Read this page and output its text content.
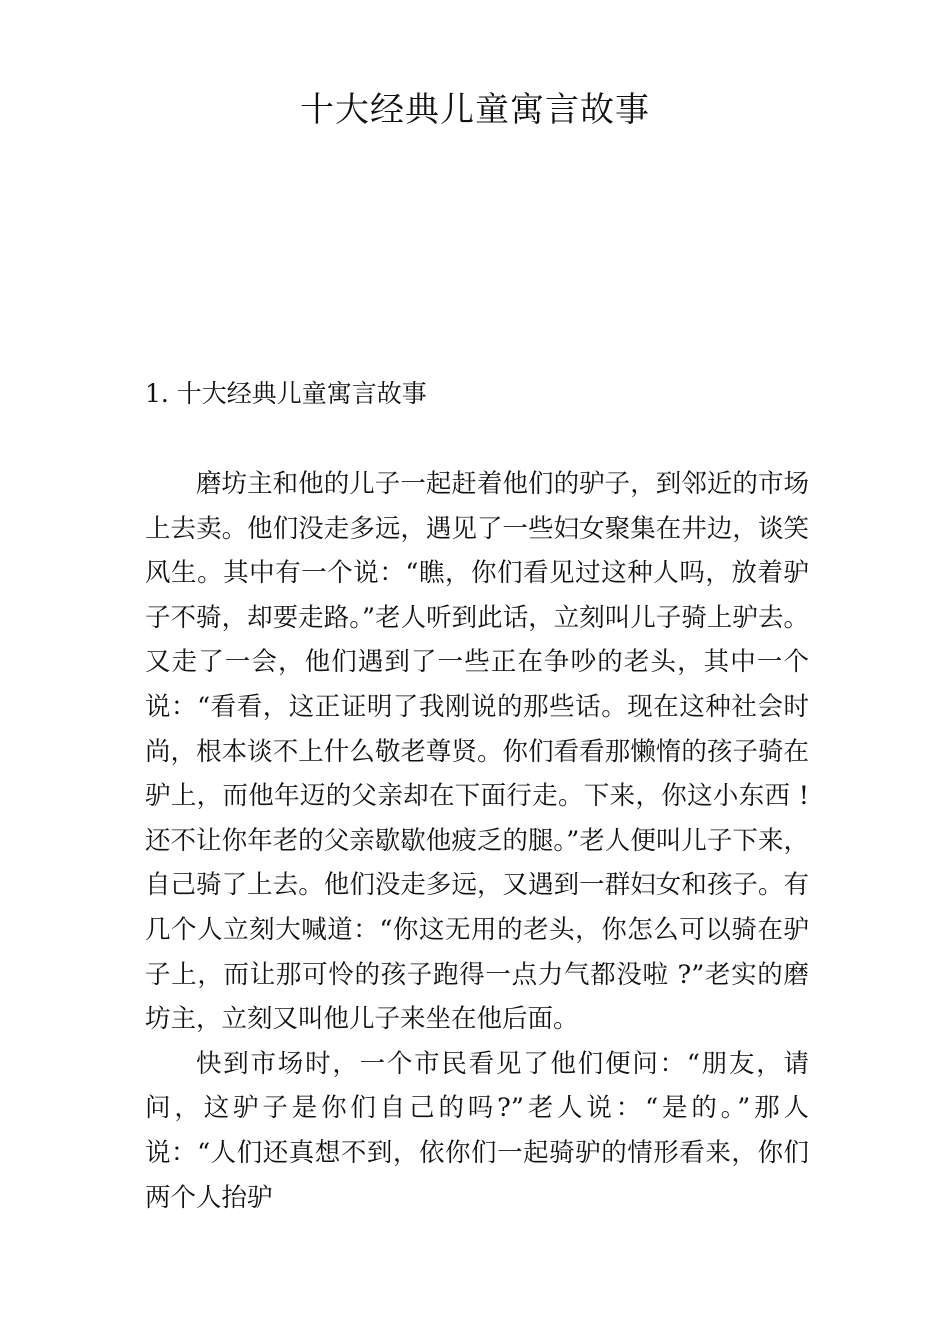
十大经典儿童寓言故事
1. 十大经典儿童寓言故事

磨坊主和他的儿子一起赶着他们的驴子，到邻近的市场上去卖。他们没走多远，遇见了一些妇女聚集在井边，谈笑风生。其中有一个说：“瞧，你们看见过这种人吗，放着驴子不骑，却要走路。”老人听到此话，立刻叫儿子骑上驴去。又走了一会，他们遇到了一些正在争吵的老头，其中一个说：“看看，这正证明了我刚说的那些话。现在这种社会时尚，根本谈不上什么敬老尊贤。你们看看那懒惰的孩子骑在驴上，而他年迈的父亲却在下面行走。下来，你这小东西 !还不让你年老的父亲歇歇他疲乏的腿。”老人便叫儿子下来，自己骑了上去。他们没走多远，又遇到一群妇女和孩子。有几个人立刻大喊道：“你这无用的老头，你怎么可以骑在驴子上，而让那可怜的孩子跑得一点力气都没啦 ?”老实的磨坊主，立刻又叫他儿子来坐在他后面。

快到市场时，一个市民看见了他们便问：“朋友，请问，这驴子是你们自己的吗?”老人说：“是的。”那人说：“人们还真想不到，依你们一起骑驴的情形看来，你们两个人抬驴
